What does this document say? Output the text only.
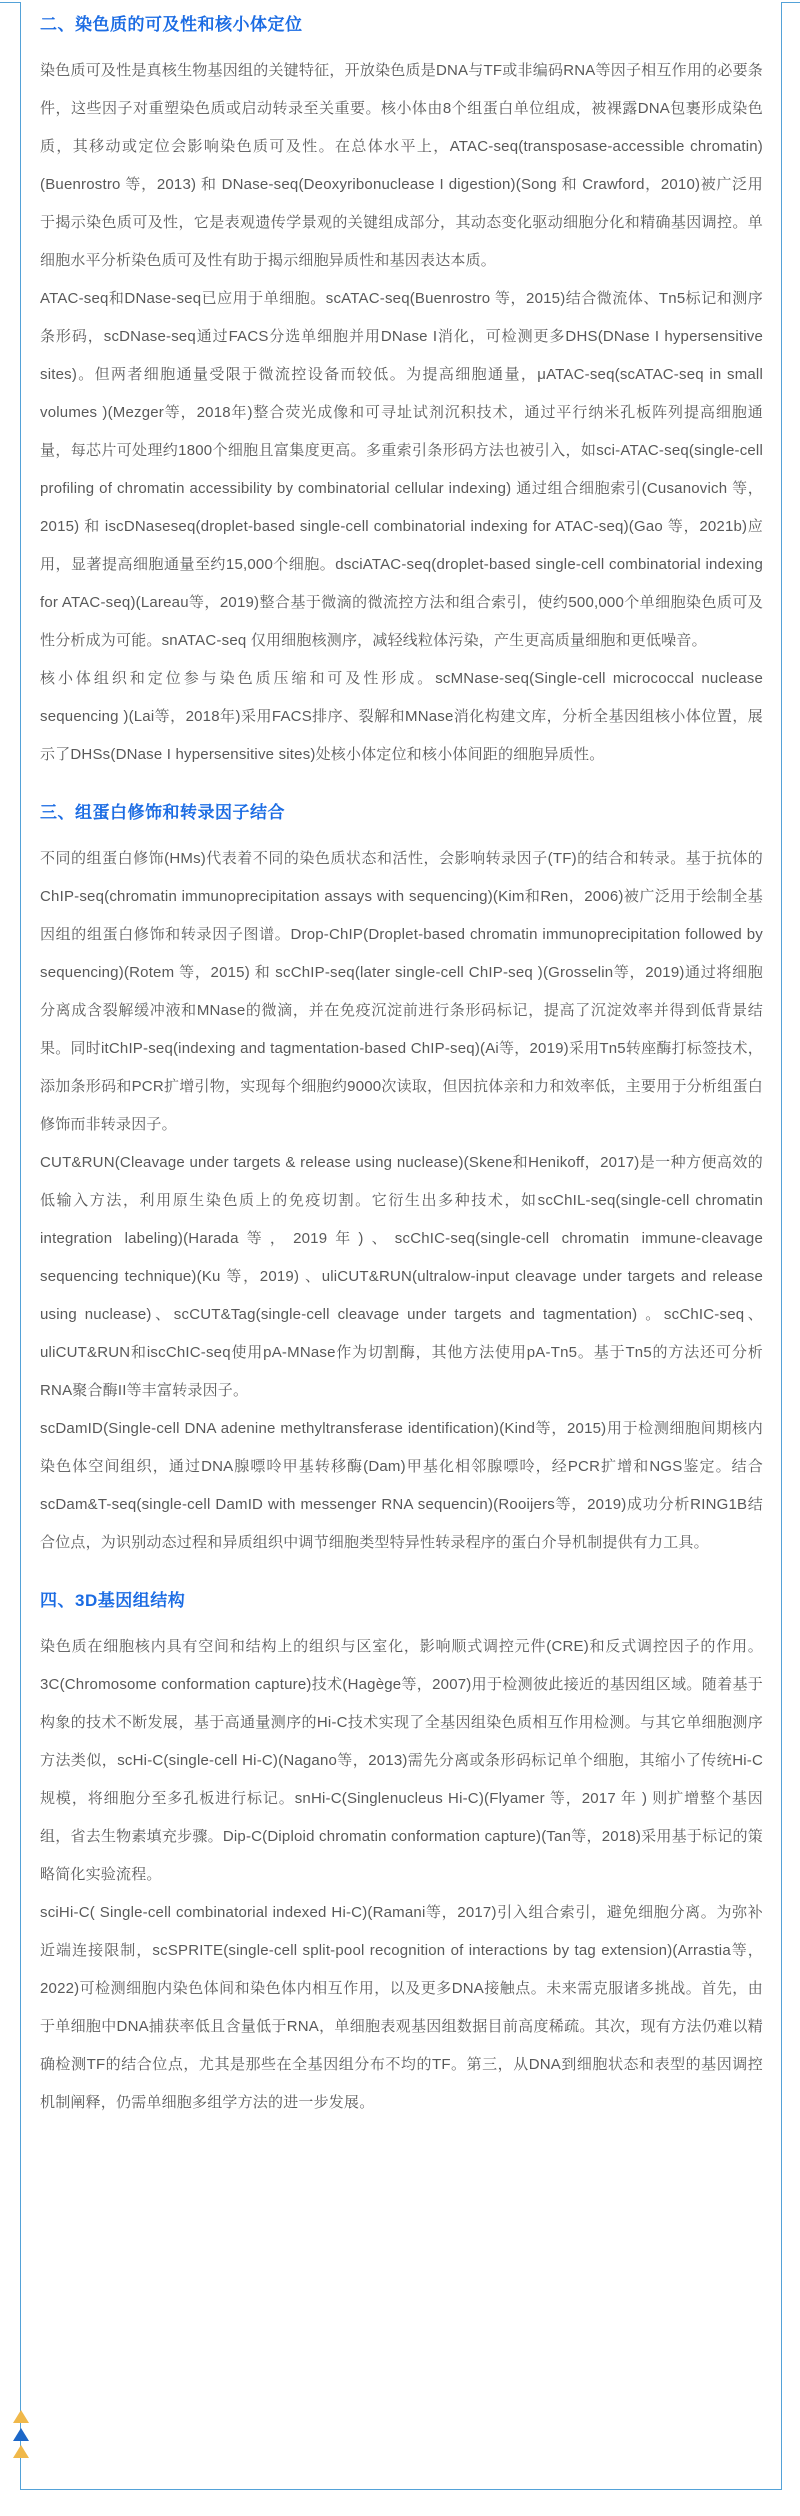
二、染色质的可及性和核小体定位

染色质可及性是真核生物基因组的关键特征，开放染色质是DNA与TF或非编码RNA等因子相互作用的必要条件，这些因子对重塑染色质或启动转录至关重要。核小体由8个组蛋白单位组成，被裸露DNA包裹形成染色质，其移动或定位会影响染色质可及性。在总体水平上，ATAC-seq(transposase-accessible chromatin)(Buenrostro 等，2013) 和 DNase-seq(Deoxyribonuclease I digestion)(Song 和 Crawford，2010)被广泛用于揭示染色质可及性，它是表观遗传学景观的关键组成部分，其动态变化驱动细胞分化和精确基因调控。单细胞水平分析染色质可及性有助于揭示细胞异质性和基因表达本质。

ATAC-seq和DNase-seq已应用于单细胞。scATAC-seq(Buenrostro 等，2015)结合微流体、Tn5标记和测序条形码，scDNase-seq通过FACS分选单细胞并用DNase I消化，可检测更多DHS(DNase I hypersensitive sites)。但两者细胞通量受限于微流控设备而较低。为提高细胞通量，μATAC-seq(scATAC-seq in small volumes )(Mezger等，2018年)整合荧光成像和可寻址试剂沉积技术，通过平行纳米孔板阵列提高细胞通量，每芯片可处理约1800个细胞且富集度更高。多重索引条形码方法也被引入，如sci-ATAC-seq(single-cell profiling of chromatin accessibility by combinatorial cellular indexing) 通过组合细胞索引(Cusanovich 等，2015) 和 iscDNaseseq(droplet-based single-cell combinatorial indexing for ATAC-seq)(Gao 等，2021b)应用，显著提高细胞通量至约15,000个细胞。dsciATAC-seq(droplet-based single-cell combinatorial indexing for ATAC-seq)(Lareau等，2019)整合基于微滴的微流控方法和组合索引，使约500,000个单细胞染色质可及性分析成为可能。snATAC-seq 仅用细胞核测序，减轻线粒体污染，产生更高质量细胞和更低噪音。

核小体组织和定位参与染色质压缩和可及性形成。scMNase-seq(Single-cell micrococcal nuclease sequencing )(Lai等，2018年)采用FACS排序、裂解和MNase消化构建文库，分析全基因组核小体位置，展示了DHSs(DNase I hypersensitive sites)处核小体定位和核小体间距的细胞异质性。

三、组蛋白修饰和转录因子结合

不同的组蛋白修饰(HMs)代表着不同的染色质状态和活性，会影响转录因子(TF)的结合和转录。基于抗体的ChIP-seq(chromatin immunoprecipitation assays with sequencing)(Kim和Ren，2006)被广泛用于绘制全基因组的组蛋白修饰和转录因子图谱。Drop-ChIP(Droplet-based chromatin immunoprecipitation followed by sequencing)(Rotem 等，2015) 和 scChIP-seq(later single-cell ChIP-seq )(Grosselin等，2019)通过将细胞分离成含裂解缓冲液和MNase的微滴，并在免疫沉淀前进行条形码标记，提高了沉淀效率并得到低背景结果。同时itChIP-seq(indexing and tagmentation-based ChIP-seq)(Ai等，2019)采用Tn5转座酶打标签技术，添加条形码和PCR扩增引物，实现每个细胞约9000次读取，但因抗体亲和力和效率低，主要用于分析组蛋白修饰而非转录因子。

CUT&RUN(Cleavage under targets & release using nuclease)(Skene和Henikoff，2017)是一种方便高效的低输入方法，利用原生染色质上的免疫切割。它衍生出多种技术，如scChIL-seq(single-cell chromatin integration labeling)(Harada等，2019年)、scChIC-seq(single-cell chromatin immune-cleavage sequencing technique)(Ku 等，2019) 、uliCUT&RUN(ultralow-input cleavage under targets and release using nuclease)、scCUT&Tag(single-cell cleavage under targets and tagmentation) 。scChIC-seq、uliCUT&RUN和iscChIC-seq使用pA-MNase作为切割酶，其他方法使用pA-Tn5。基于Tn5的方法还可分析RNA聚合酶II等丰富转录因子。

scDamID(Single-cell DNA adenine methyltransferase identification)(Kind等，2015)用于检测细胞间期核内染色体空间组织，通过DNA腺嘌呤甲基转移酶(Dam)甲基化相邻腺嘌呤，经PCR扩增和NGS鉴定。结合scDam&T-seq(single-cell DamID with messenger RNA sequencin)(Rooijers等，2019)成功分析RING1B结合位点，为识别动态过程和异质组织中调节细胞类型特异性转录程序的蛋白介导机制提供有力工具。

四、3D基因组结构

染色质在细胞核内具有空间和结构上的组织与区室化，影响顺式调控元件(CRE)和反式调控因子的作用。3C(Chromosome conformation capture)技术(Hagège等，2007)用于检测彼此接近的基因组区域。随着基于构象的技术不断发展，基于高通量测序的Hi-C技术实现了全基因组染色质相互作用检测。与其它单细胞测序方法类似，scHi-C(single-cell Hi-C)(Nagano等，2013)需先分离或条形码标记单个细胞，其缩小了传统Hi-C规模，将细胞分至多孔板进行标记。snHi-C(Singlenucleus Hi-C)(Flyamer 等，2017 年 ) 则扩增整个基因组，省去生物素填充步骤。Dip-C(Diploid chromatin conformation capture)(Tan等，2018)采用基于标记的策略简化实验流程。

sciHi-C( Single-cell combinatorial indexed Hi-C)(Ramani等，2017)引入组合索引，避免细胞分离。为弥补近端连接限制，scSPRITE(single-cell split-pool recognition of interactions by tag extension)(Arrastia等，2022)可检测细胞内染色体间和染色体内相互作用，以及更多DNA接触点。未来需克服诸多挑战。首先，由于单细胞中DNA捕获率低且含量低于RNA，单细胞表观基因组数据目前高度稀疏。其次，现有方法仍难以精确检测TF的结合位点，尤其是那些在全基因组分布不均的TF。第三，从DNA到细胞状态和表型的基因调控机制阐释，仍需单细胞多组学方法的进一步发展。
